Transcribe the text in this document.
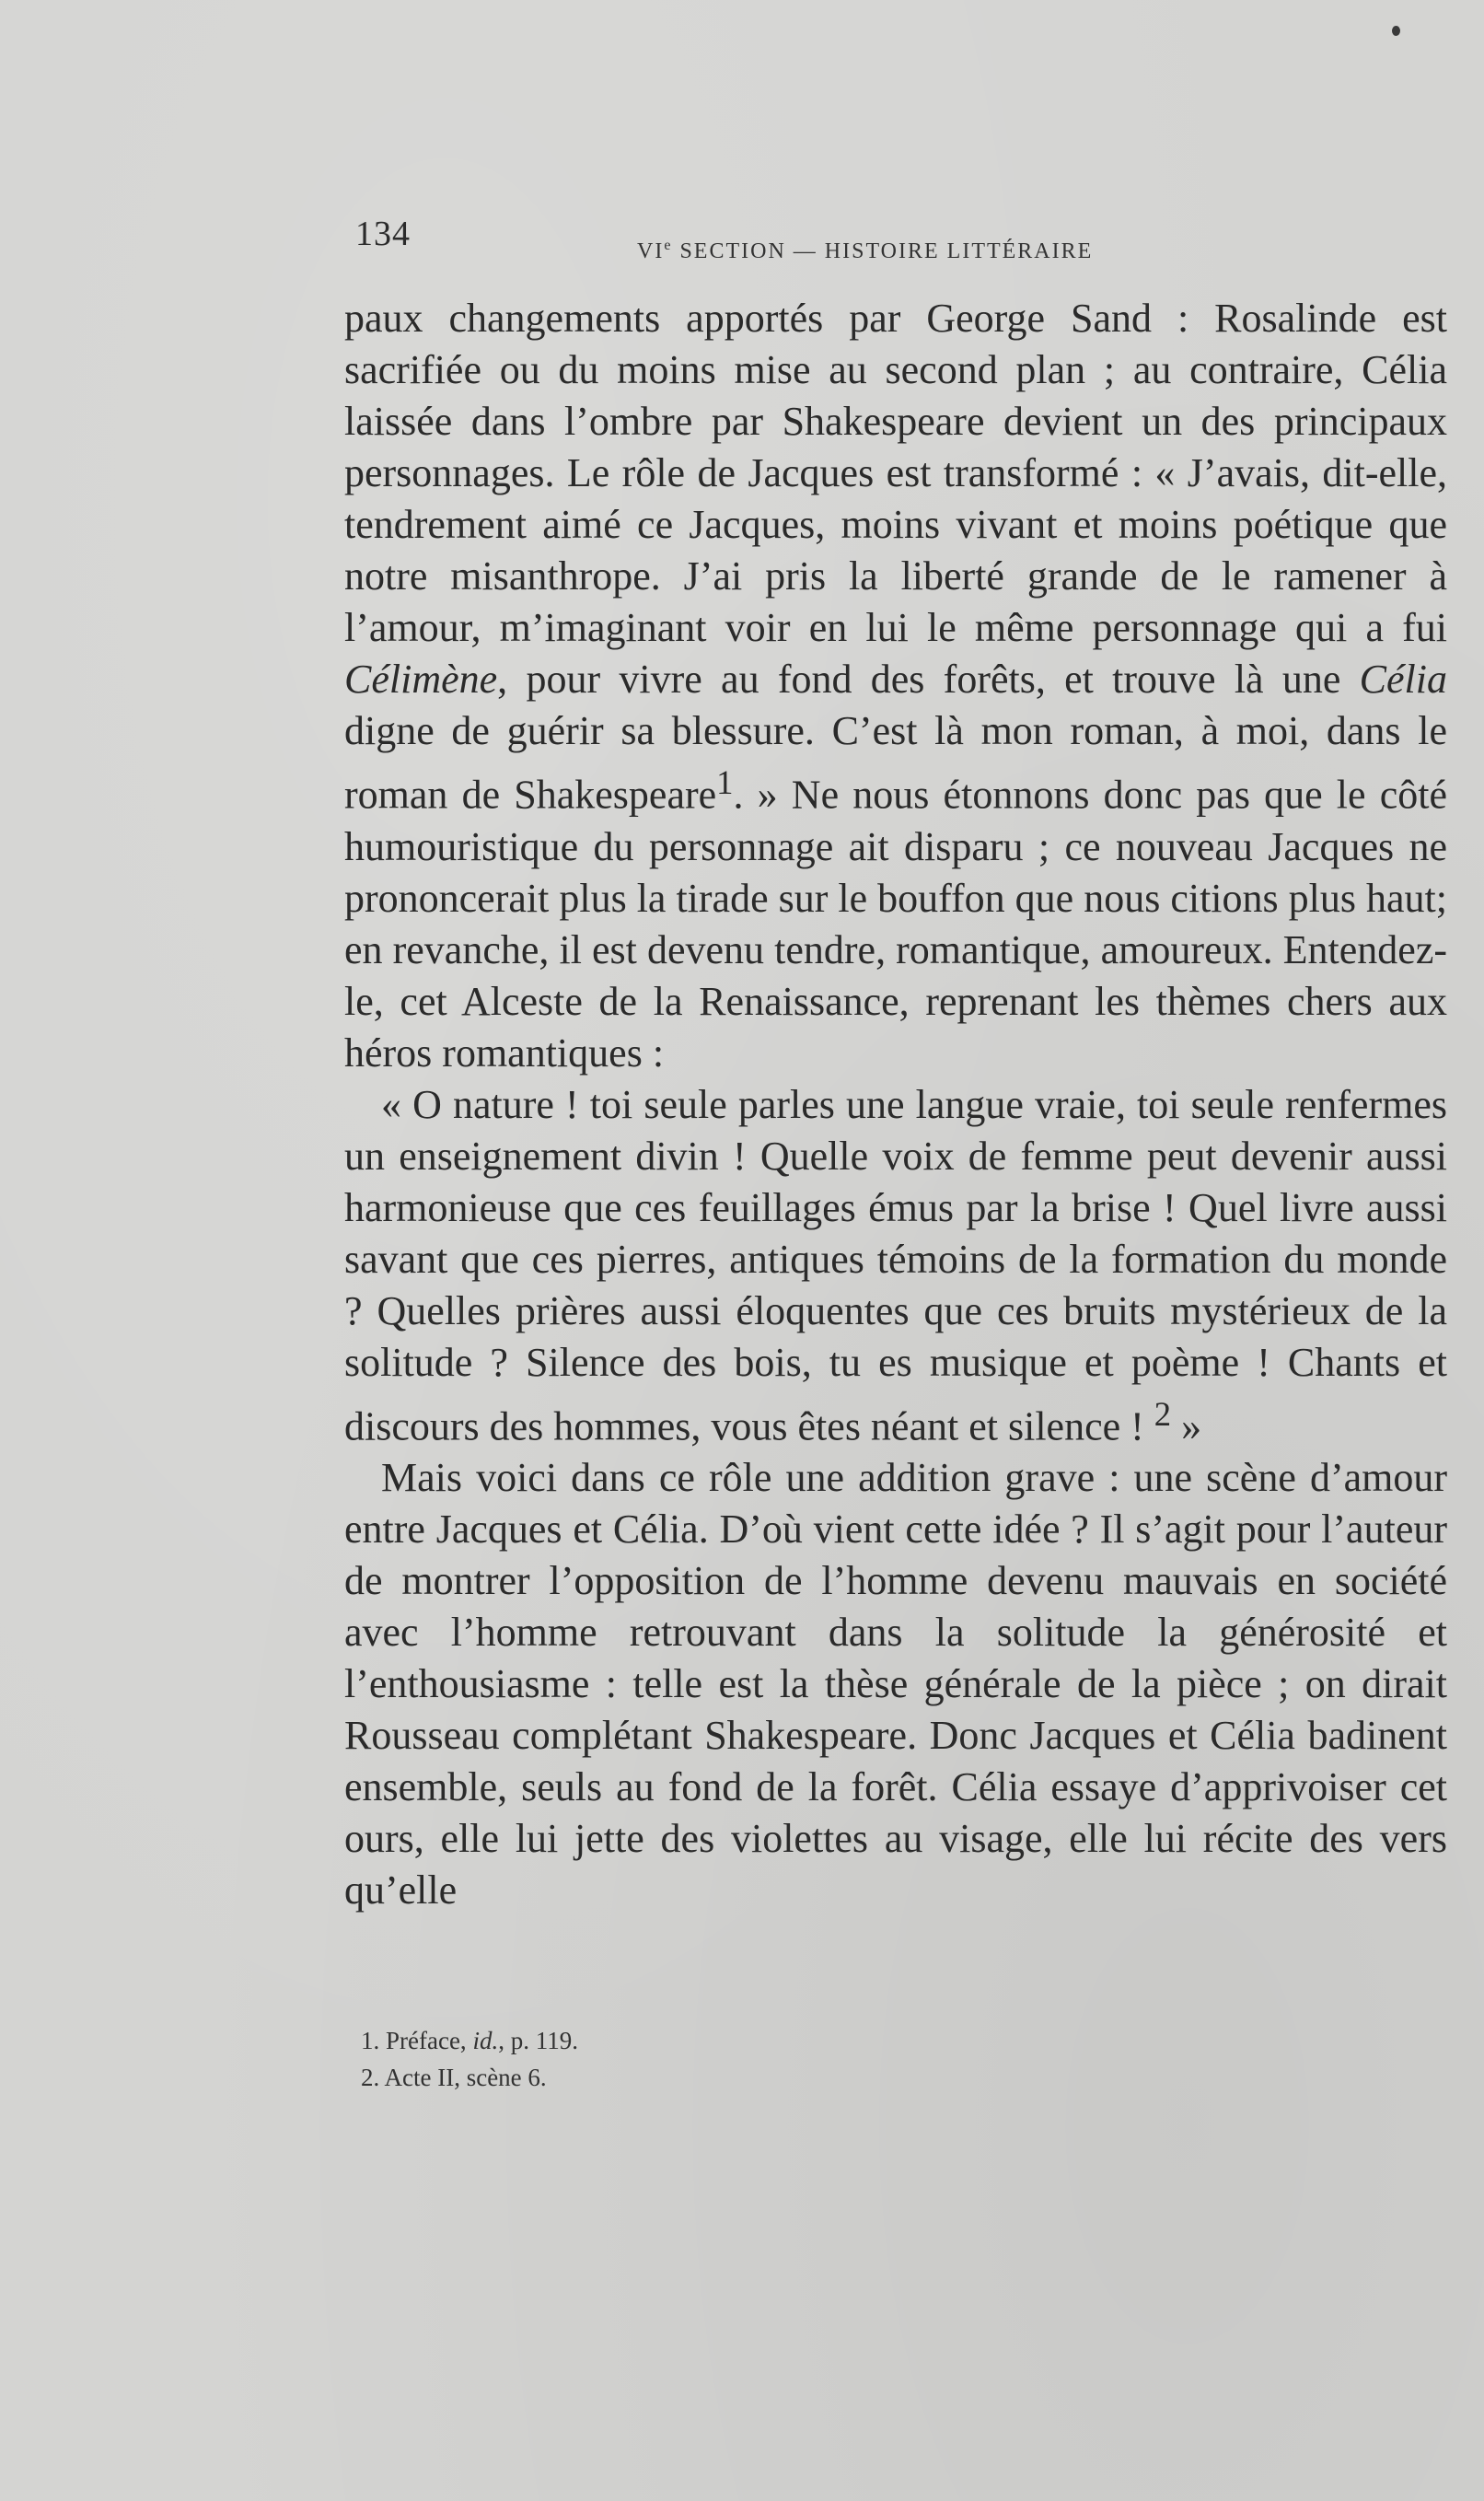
134	VIe SECTION — HISTOIRE LITTÉRAIRE

paux changements apportés par George Sand : Rosalinde est sacrifiée ou du moins mise au second plan ; au contraire, Célia laissée dans l’ombre par Shakespeare devient un des principaux personnages. Le rôle de Jacques est transformé : « J’avais, dit-elle, tendrement aimé ce Jacques, moins vivant et moins poétique que notre misanthrope. J’ai pris la liberté grande de le ramener à l’amour, m’imaginant voir en lui le même personnage qui a fui Célimène, pour vivre au fond des forêts, et trouve là une Célia digne de guérir sa blessure. C’est là mon roman, à moi, dans le roman de Shakespeare$^1$. » Ne nous étonnons donc pas que le côté humouristique du personnage ait disparu ; ce nouveau Jacques ne prononcerait plus la tirade sur le bouffon que nous citions plus haut; en revanche, il est devenu tendre, romantique, amoureux. Entendez-le, cet Alceste de la Renaissance, reprenant les thèmes chers aux héros romantiques :

« O nature ! toi seule parles une langue vraie, toi seule renfermes un enseignement divin ! Quelle voix de femme peut devenir aussi harmonieuse que ces feuillages émus par la brise ! Quel livre aussi savant que ces pierres, antiques témoins de la formation du monde ? Quelles prières aussi éloquentes que ces bruits mystérieux de la solitude ? Silence des bois, tu es musique et poème ! Chants et discours des hommes, vous êtes néant et silence ! $^2$ »

Mais voici dans ce rôle une addition grave : une scène d’amour entre Jacques et Célia. D’où vient cette idée ? Il s’agit pour l’auteur de montrer l’opposition de l’homme devenu mauvais en société avec l’homme retrouvant dans la solitude la générosité et l’enthousiasme : telle est la thèse générale de la pièce ; on dirait Rousseau complétant Shakespeare. Donc Jacques et Célia badinent ensemble, seuls au fond de la forêt. Célia essaye d’apprivoiser cet ours, elle lui jette des violettes au visage, elle lui récite des vers qu’elle

1. Préface, id., p. 119.
2. Acte II, scène 6.
